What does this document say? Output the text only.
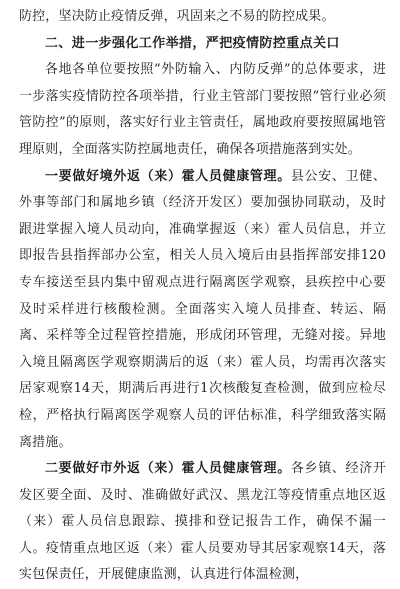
防控，坚决防止疫情反弹，巩固来之不易的防控成果。

二、进一步强化工作举措，严把疫情防控重点关口

各地各单位要按照“外防输入、内防反弹”的总体要求，进一步落实疫情防控各项举措，行业主管部门要按照“管行业必须管防控”的原则，落实好行业主管责任，属地政府要按照属地管理原则，全面落实防控属地责任，确保各项措施落到实处。

一要做好境外返（来）霍人员健康管理。县公安、卫健、外事等部门和属地乡镇（经济开发区）要加强协同联动，及时跟进掌握入境人员动向，准确掌握返（来）霍人员信息，并立即报告县指挥部办公室，相关人员入境后由县指挥部安排120专车接送至县内集中留观点进行隔离医学观察，县疾控中心要及时采样进行核酸检测。全面落实入境人员排查、转运、隔离、采样等全过程管控措施，形成闭环管理，无缝对接。异地入境且隔离医学观察期满后的返（来）霍人员，均需再次落实居家观察14天，期满后再进行1次核酸复查检测，做到应检尽检，严格执行隔离医学观察人员的评估标准，科学细致落实隔离措施。

二要做好市外返（来）霍人员健康管理。各乡镇、经济开发区要全面、及时、准确做好武汉、黑龙江等疫情重点地区返（来）霍人员信息跟踪、摸排和登记报告工作，确保不漏一人。疫情重点地区返（来）霍人员要劝导其居家观察14天，落实包保责任，开展健康监测，认真进行体温检测，
